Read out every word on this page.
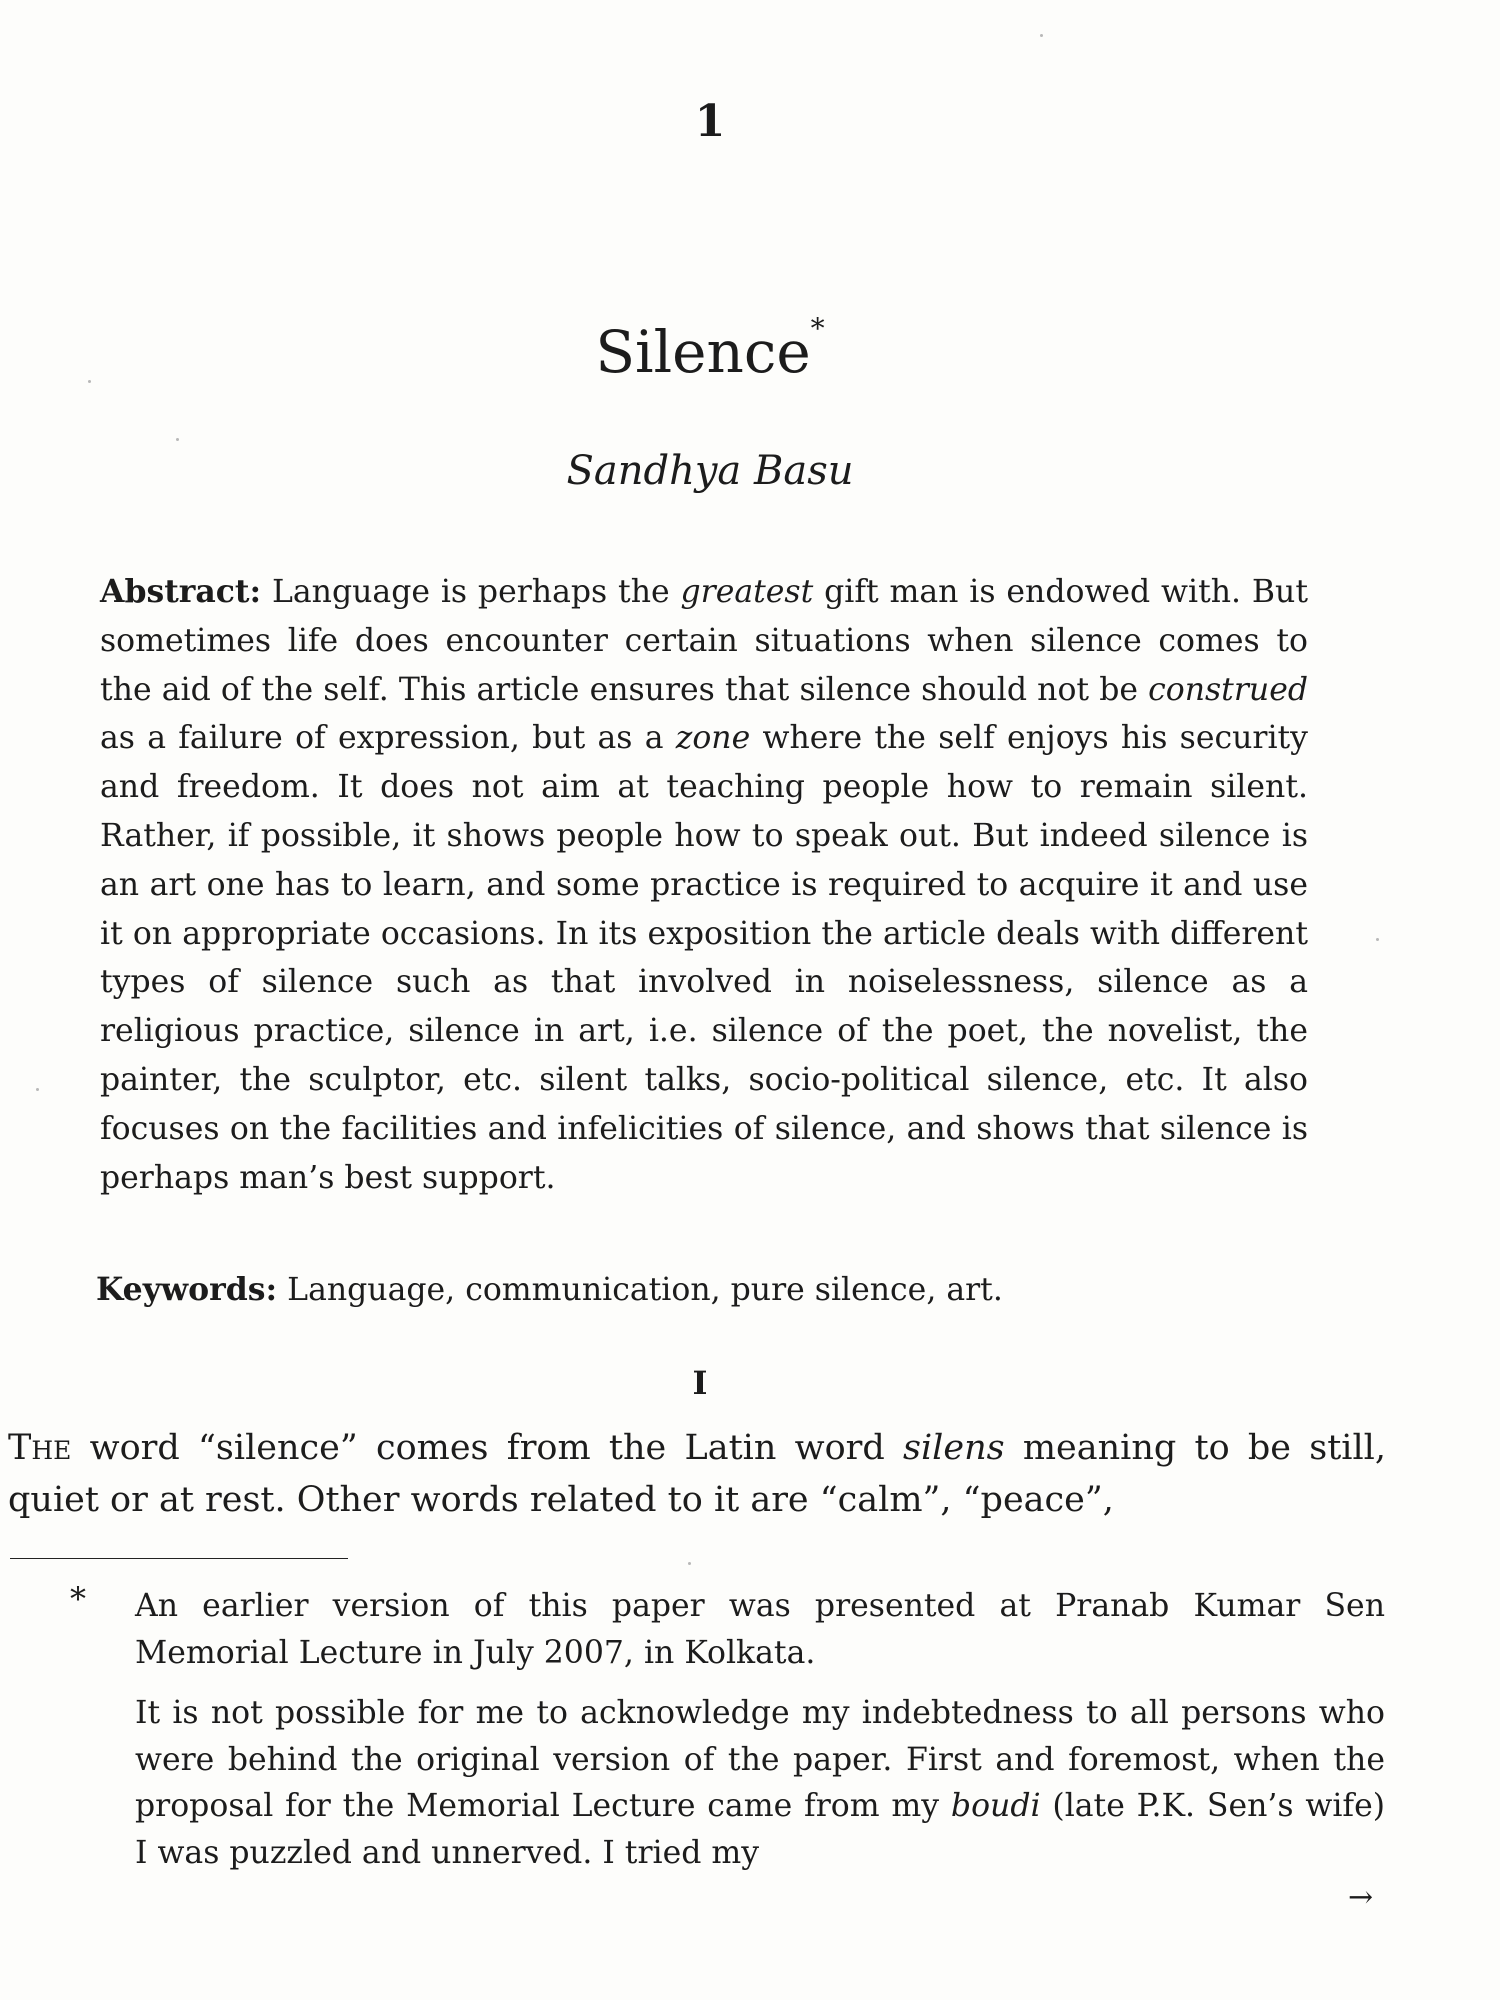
1
Silence*
Sandhya Basu
Abstract: Language is perhaps the greatest gift man is endowed with. But sometimes life does encounter certain situations when silence comes to the aid of the self. This article ensures that silence should not be construed as a failure of expression, but as a zone where the self enjoys his security and freedom. It does not aim at teaching people how to remain silent. Rather, if possible, it shows people how to speak out. But indeed silence is an art one has to learn, and some practice is required to acquire it and use it on appropriate occasions. In its exposition the article deals with different types of silence such as that involved in noiselessness, silence as a religious practice, silence in art, i.e. silence of the poet, the novelist, the painter, the sculptor, etc. silent talks, socio-political silence, etc. It also focuses on the facilities and infelicities of silence, and shows that silence is perhaps man’s best support.
Keywords: Language, communication, pure silence, art.
I
The word “silence” comes from the Latin word silens meaning to be still, quiet or at rest. Other words related to it are “calm”, “peace”,
* An earlier version of this paper was presented at Pranab Kumar Sen Memorial Lecture in July 2007, in Kolkata.
It is not possible for me to acknowledge my indebtedness to all persons who were behind the original version of the paper. First and foremost, when the proposal for the Memorial Lecture came from my boudi (late P.K. Sen’s wife) I was puzzled and unnerved. I tried my
→
